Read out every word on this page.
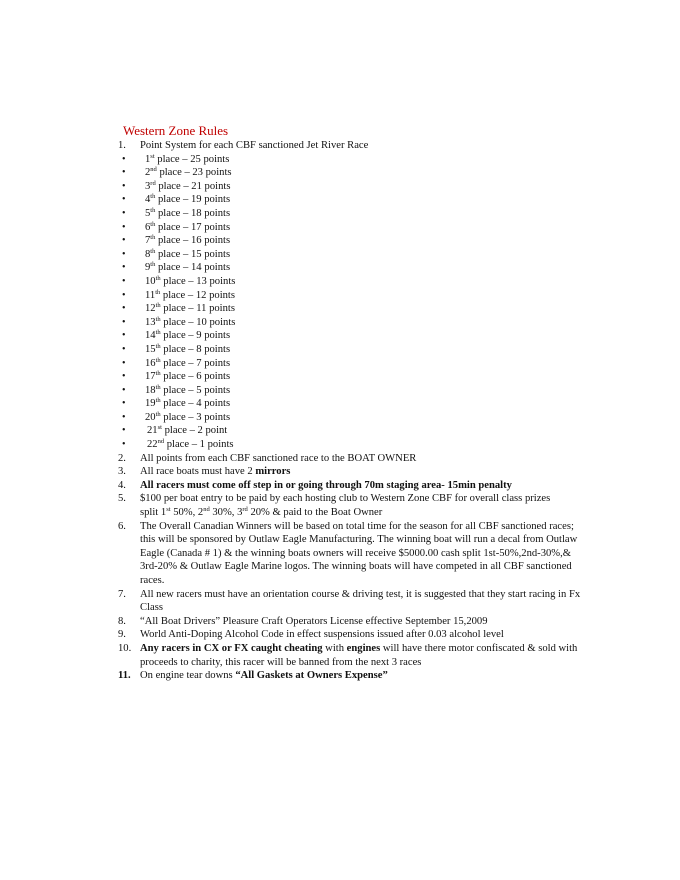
Western Zone Rules
1. Point System for each CBF sanctioned Jet River Race
• 1st place – 25 points
• 2nd place – 23 points
• 3rd place – 21 points
• 4th place – 19 points
• 5th place – 18 points
• 6th place – 17 points
• 7th place – 16 points
• 8th place – 15 points
• 9th place – 14 points
• 10th place – 13 points
• 11th place – 12 points
• 12th place – 11 points
• 13th place – 10 points
• 14th place – 9 points
• 15th place – 8 points
• 16th place – 7 points
• 17th place – 6 points
• 18th place – 5 points
• 19th place – 4 points
• 20th place – 3 points
• 21st place – 2 point
• 22nd place – 1 points
2. All points from each CBF sanctioned race to the BOAT OWNER
3. All race boats must have 2 mirrors
4. All racers must come off step in or going through 70m staging area- 15min penalty
5. $100 per boat entry to be paid by each hosting club to Western Zone CBF for overall class prizes
split 1st 50%, 2nd 30%, 3rd 20% & paid to the Boat Owner
6. The Overall Canadian Winners will be based on total time for the season for all CBF sanctioned races; this will be sponsored by Outlaw Eagle Manufacturing. The winning boat will run a decal from Outlaw Eagle (Canada # 1) & the winning boats owners will receive $5000.00 cash split 1st-50%,2nd-30%,& 3rd-20% & Outlaw Eagle Marine logos. The winning boats will have competed in all CBF sanctioned races.
7. All new racers must have an orientation course & driving test, it is suggested that they start racing in Fx Class
8. “All Boat Drivers” Pleasure Craft Operators License effective September 15,2009
9. World Anti-Doping Alcohol Code in effect suspensions issued after 0.03 alcohol level
10. Any racers in CX or FX caught cheating with engines will have there motor confiscated & sold with proceeds to charity, this racer will be banned from the next 3 races
11. On engine tear downs “All Gaskets at Owners Expense”
